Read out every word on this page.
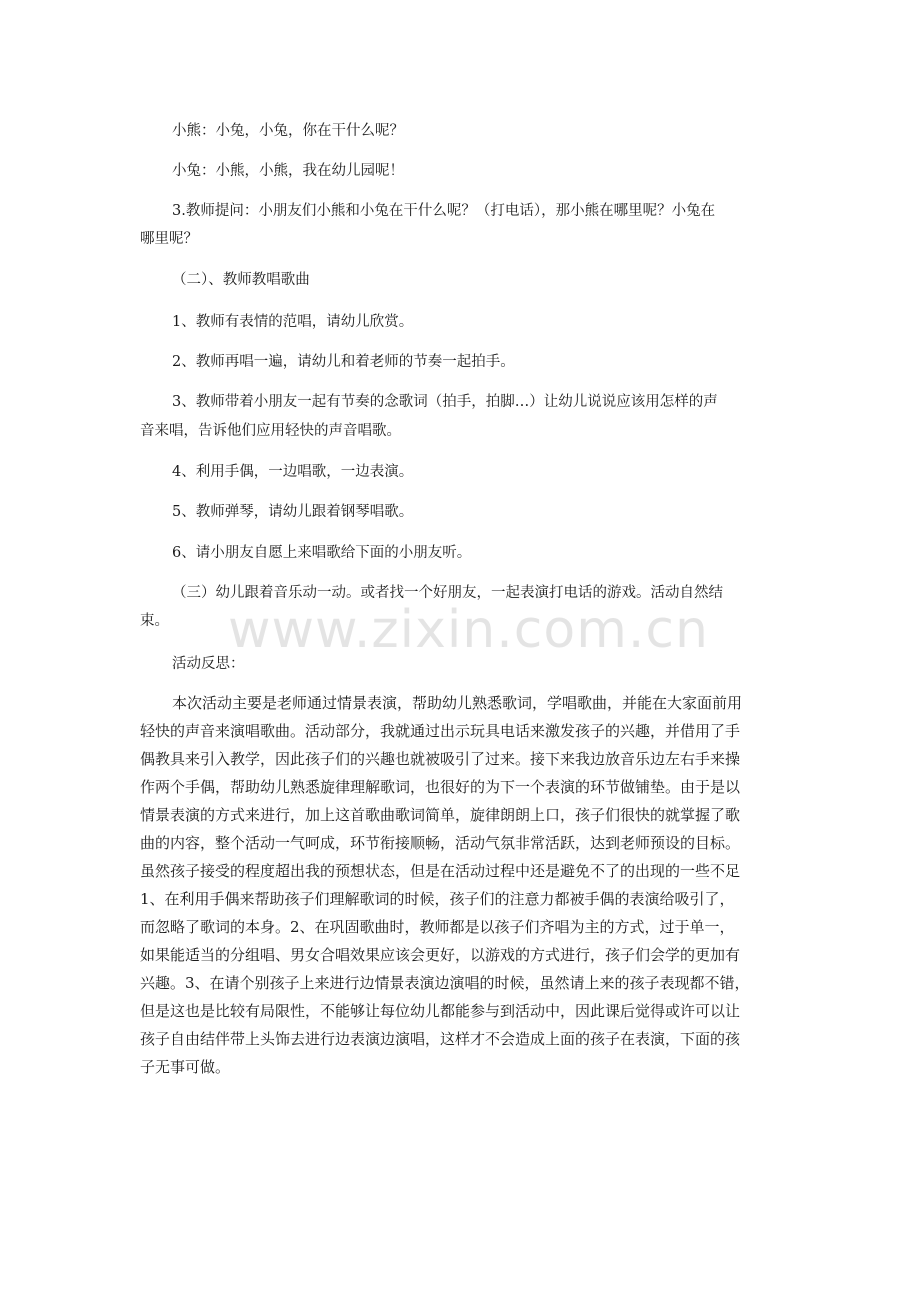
小熊：小兔，小兔，你在干什么呢？

小兔：小熊，小熊，我在幼儿园呢！

3.教师提问：小朋友们小熊和小兔在干什么呢？（打电话），那小熊在哪里呢？小兔在

哪里呢？

（二）、教师教唱歌曲

1、教师有表情的范唱，请幼儿欣赏。

2、教师再唱一遍，请幼儿和着老师的节奏一起拍手。

3、教师带着小朋友一起有节奏的念歌词（拍手，拍脚…）让幼儿说说应该用怎样的声

音来唱，告诉他们应用轻快的声音唱歌。

4、利用手偶，一边唱歌，一边表演。

5、教师弹琴，请幼儿跟着钢琴唱歌。

6、请小朋友自愿上来唱歌给下面的小朋友听。

（三）幼儿跟着音乐动一动。或者找一个好朋友，一起表演打电话的游戏。活动自然结

束。

活动反思：

本次活动主要是老师通过情景表演，帮助幼儿熟悉歌词，学唱歌曲，并能在大家面前用
轻快的声音来演唱歌曲。活动部分，我就通过出示玩具电话来激发孩子的兴趣，并借用了手
偶教具来引入教学，因此孩子们的兴趣也就被吸引了过来。接下来我边放音乐边左右手来操
作两个手偶，帮助幼儿熟悉旋律理解歌词，也很好的为下一个表演的环节做铺垫。由于是以
情景表演的方式来进行，加上这首歌曲歌词简单，旋律朗朗上口，孩子们很快的就掌握了歌
曲的内容，整个活动一气呵成，环节衔接顺畅，活动气氛非常活跃，达到老师预设的目标。
虽然孩子接受的程度超出我的预想状态，但是在活动过程中还是避免不了的出现的一些不足
1、在利用手偶来帮助孩子们理解歌词的时候，孩子们的注意力都被手偶的表演给吸引了，
而忽略了歌词的本身。2、在巩固歌曲时，教师都是以孩子们齐唱为主的方式，过于单一，
如果能适当的分组唱、男女合唱效果应该会更好，以游戏的方式进行，孩子们会学的更加有
兴趣。3、在请个别孩子上来进行边情景表演边演唱的时候，虽然请上来的孩子表现都不错，
但是这也是比较有局限性，不能够让每位幼儿都能参与到活动中，因此课后觉得或许可以让
孩子自由结伴带上头饰去进行边表演边演唱，这样才不会造成上面的孩子在表演，下面的孩
子无事可做。
www.zixin.com.cn
